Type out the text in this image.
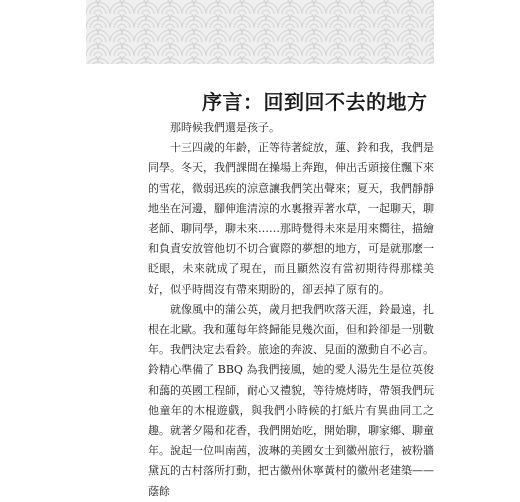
序言：回到回不去的地方

那時候我們還是孩子。

十三四歲的年齡，正等待著綻放，蓮、鈴和我，我們是同學。冬天，我們課間在操場上奔跑，伸出舌頭接住飄下來的雪花，微弱迅疾的涼意讓我們笑出聲來；夏天，我們靜靜地坐在河邊，腳伸進清涼的水裏撥弄著水草，一起聊天，聊老師、聊同學，聊未來……那時覺得未來是用來嚮往，描繪和負責安放管他切不切合實際的夢想的地方，可是就那麼一眨眼，未來就成了現在，而且顯然沒有當初期待得那樣美好，似乎時間沒有帶來期盼的，卻丟掉了原有的。

就像風中的蒲公英，歲月把我們吹落天涯，鈴最遠，扎根在北歐。我和蓮每年終歸能見幾次面，但和鈴卻是一別數年。我們決定去看鈴。旅途的奔波、見面的激動自不必言。鈴精心準備了 BBQ 為我們接風，她的愛人湯先生是位英俊和藹的英國工程師，耐心又禮貌，等待燒烤時，帶領我們玩他童年的木棍遊戲，與我們小時候的打紙片有異曲同工之趣。就著夕陽和花香，我們開始吃，開始聊，聊家鄉、聊童年。說起一位叫南茜，波琳的美國女士到徽州旅行，被粉牆黛瓦的古村落所打動，把古徽州休寧黃村的徽州老建築——蔭餘
